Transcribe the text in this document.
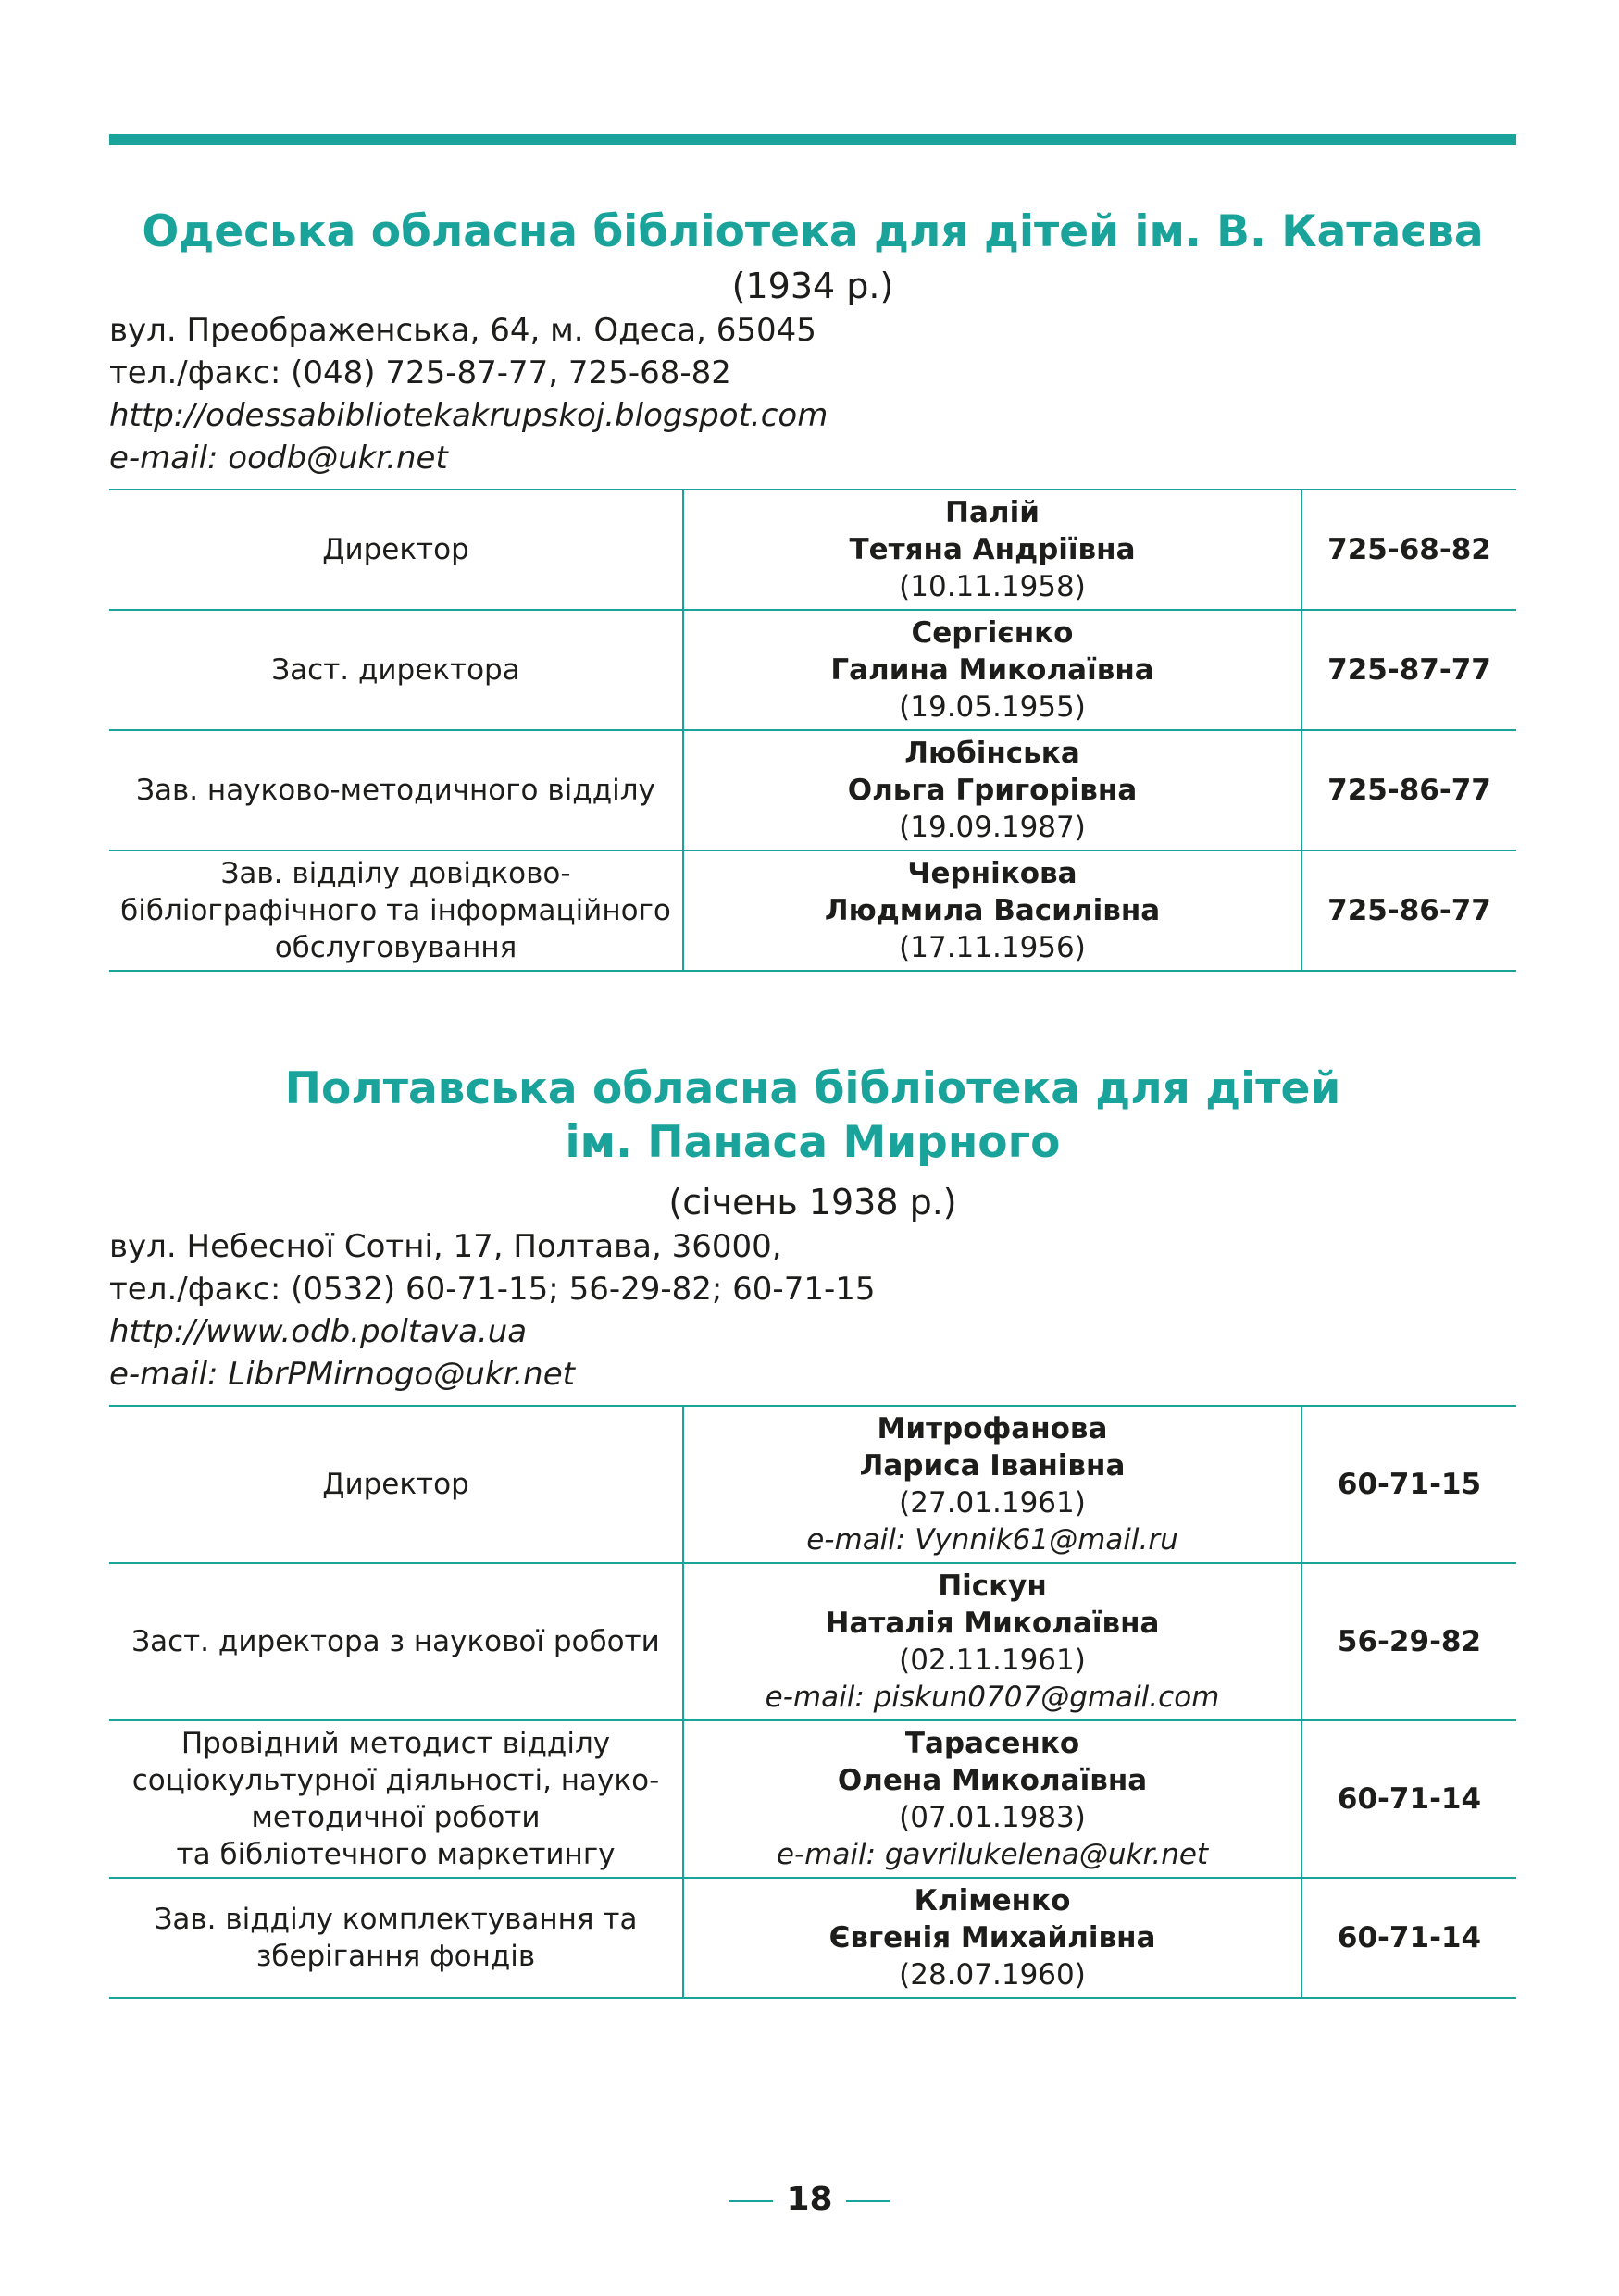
Одеська обласна бібліотека для дітей ім. В. Катаєва

(1934 р.)

вул. Преображенська, 64, м. Одеса, 65045

тел./факс: (048) 725-87-77, 725-68-82

http://odessabibliotekakrupskoj.blogspot.com

e-mail: oodb@ukr.net

Директор	Палій
Тетяна Андріївна
(10.11.1958)	725-68-82
Заст. директора	Сергієнко
Галина Миколаївна
(19.05.1955)	725-87-77
Зав. науково-методичного відділу	Любінська
Ольга Григорівна
(19.09.1987)	725-86-77

Зав. відділу довідково-
бібліографічного та інформаційного
обслуговування	Чернікова
Людмила Василівна
(17.11.1956)	725-86-77
Полтавська обласна бібліотека для дітей
ім. Панаса Мирного

(січень 1938 р.)

вул. Небесної Сотні, 17, Полтава, 36000,

тел./факс: (0532) 60-71-15; 56-29-82; 60-71-15

http://www.odb.poltava.ua

e-mail: LibrPMirnogo@ukr.net

Директор	Митрофанова
Лариса Іванівна
(27.01.1961)
e-mail: Vynnik61@mail.ru	60-71-15
Заст. директора з наукової роботи	Піскун
Наталія Миколаївна
(02.11.1961)
e-mail: piskun0707@gmail.com	56-29-82

Провідний методист відділу
соціокультурної діяльності, науко-
методичної роботи
та бібліотечного маркетингу	Тарасенко
Олена Миколаївна
(07.01.1983)
e-mail: gavrilukelena@ukr.net	60-71-14

Зав. відділу комплектування та
зберігання фондів	Кліменко
Євгенія Михайлівна
(28.07.1960)	60-71-14
18
